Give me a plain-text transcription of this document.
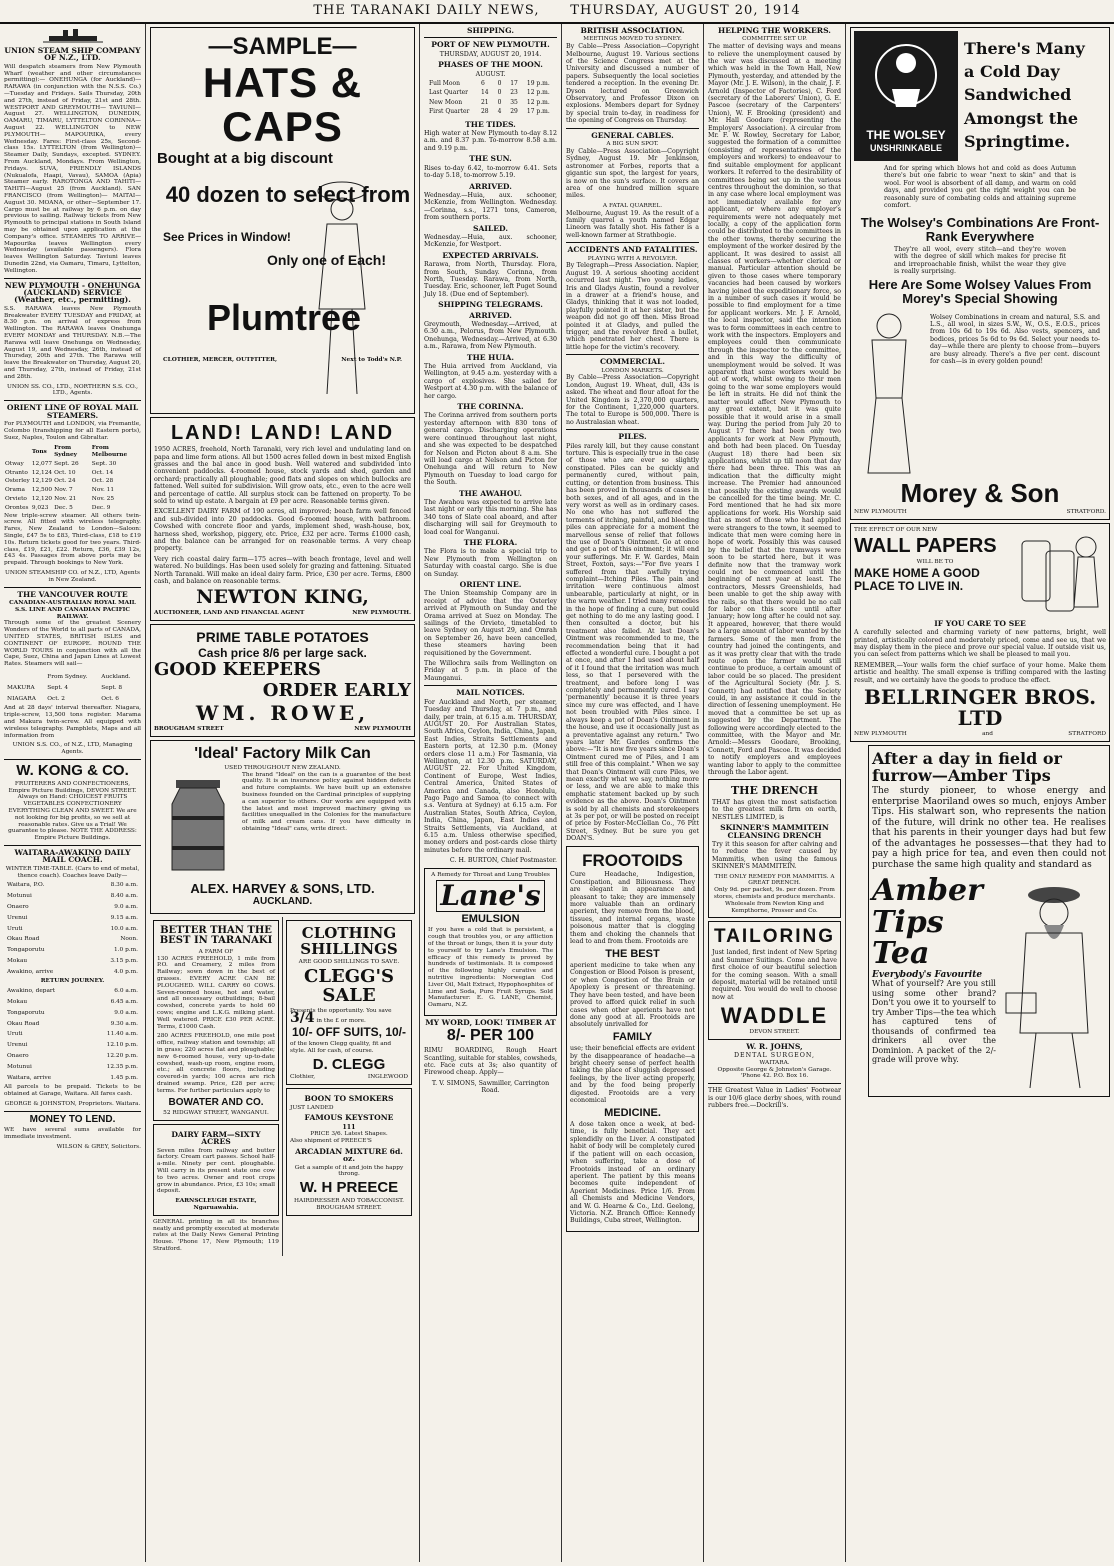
THE TARANAKI DAILY NEWS, THURSDAY, AUGUST 20, 1914
UNION STEAM SHIP COMPANY OF N.Z., LTD.
Will despatch steamers from New Plymouth Wharf (weather and other circumstances permitting):— ONEHUNGA (for Auckland)— RARAWA (in conjunction with the N.S.S. Co.)—Tuesday and Fridays. Sails Thursday, 20th and 27th, instead of Friday, 21st and 28th. WESTPORT AND GREYMOUTH— TAVIUNI—August 27. WELLINGTON, DUNEDIN, OAMARU, TIMARU, LYTTELTON CORINNA—August 22. WELLINGTON to NEW PLYMOUTH— MAPOURIKA, every Wednesday. Fares: First-class 25s, Second-class 15s. LYTTELTON (from Wellington)— Steamer Daily, Sundays, excepted. SYDNEY. From Auckland, Mondays. From Wellington, Fridays. SUVA, FRIENDLY ISLANDS (Nukualofa, Haapi, Vavau), SAMOA (Apia) Steamer early. RAROTONGA AND TAHITI— TAHITI—August 25 (from Auckland). SAN FRANCISCO (from Wellington)— MAITAI—August 30. MOANA, or other—September 17. Cargo must be at railway by 6 p.m. on day previous to sailing. Railway tickets from New Plymouth to principal stations in South Island may be obtained upon application at the Company's office. STEAMERS TO ARRIVE— Mapourika leaves Wellington every Wednesday (available passengers). Flora leaves Wellington Saturday. Taviuni leaves Dunedin 22nd, via Oamaru, Timaru, Lyttelton, Wellington.
NEW PLYMOUTH - ONEHUNGA (AUCKLAND) SERVICE (Weather, etc., permitting).
S.S. RARAWA leaves New Plymouth Breakwater EVERY TUESDAY and FRIDAY, at 8.30 p.m. on arrival of express from Wellington. The RARAWA leaves Onehunga EVERY MONDAY and THURSDAY. N.B.—The Rarawa will leave Onehunga on Wednesday, August 19, and Wednesday, 26th, instead of Thursday, 20th and 27th. The Rarawa will leave the Breakwater on Thursday, August 20, and Thursday, 27th, instead of Friday, 21st and 28th.
UNION SS. CO., LTD., NORTHERN S.S. CO., LTD., Agents.
ORIENT LINE OF ROYAL MAIL STEAMERS.
For PLYMOUTH and LONDON, via Fremantle, Colombo (transhipping for all Eastern ports), Suez, Naples, Toulon and Gibraltar.
	Tons	From Sydney	From Melbourne
Otway	12,077	Sept. 26	Sept. 30
Otranto	12,124	Oct. 10	Oct. 14
Osterley	12,129	Oct. 24	Oct. 28
Orama	12,500	Nov. 7	Nov. 11
Orvieto	12,120	Nov. 21	Nov. 25
Orontes	9,023	Dec. 5	Dec. 9
New triple-screw steamer. All others twin-screw. All fitted with wireless telegraphy. Fares, New Zealand to London—Saloon: Single, £47 5s to £83, Third-class, £18 to £19 10s. Return tickets good for two years. Third-class, £19, £21, £22. Return, £36, £39 12s, £43 4s. Passages from above ports may be prepaid. Through bookings to New York.
UNION STEAMSHIP CO. of N.Z., LTD, Agents in New Zealand.
THE VANCOUVER ROUTE
CANADIAN-AUSTRALIAN ROYAL MAIL S.S. LINE AND CANADIAN PACIFIC RAILWAY.
Through some of the greatest Scenery Wonders of the World to all parts of CANADA, UNITED STATES, BRITISH ISLES and CONTINENT OF EUROPE. ROUND THE WORLD TOURS in conjunction with all the Cape, Suez, China and Japan Lines at Lowest Rates. Steamers will sail—
	From Sydney.	Auckland.
MAKURA	Sept. 4	Sept. 8
NIAGARA	Oct. 2	Oct. 6
And at 28 days' interval thereafter. Niagara, triple-screw, 13,500 tons register. Marama and Makura twin-screw. All equipped with wireless telegraphy. Pamphlets, Maps and all information from
UNION S.S. CO., of N.Z., LTD, Managing Agents.
W. KONG & CO.
FRUITERERS AND CONFECTIONERS, Empire Picture Buildings, DEVON STREET. Always on Hand: CHOICEST FRUITS VEGETABLES CONFECTIONERY EVERYTHING CLEAN AND SWEET. We are not looking for big profits, so we sell at reasonable rates. Give us a Trial! We guarantee to please. NOTE THE ADDRESS: Empire Picture Buildings.
WAITARA-AWAKINO DAILY MAIL COACH.
WINTER TIME-TABLE. (Cars to end of metal, thence coach). Coaches leave Daily—
Waitara, P.O.	8.30 a.m.
Motunui	8.40 a.m.
Onaero	9.0 a.m.
Urenui	9.15 a.m.
Uruti	10.0 a.m.
Okau Road	Noon.
Tongaporutu	1.0 p.m.
Mokau	3.15 p.m.
Awakino, arrive	4.0 p.m.
RETURN JOURNEY.
Awakino, depart	6.0 a.m.
Mokau	6.45 a.m.
Tongaporutu	9.0 a.m.
Okau Road	9.30 a.m.
Uruti	11.40 a.m.
Urenui	12.10 p.m.
Onaero	12.20 p.m.
Motunui	12.35 p.m.
Waitara, arrive	1.45 p.m.
All parcels to be prepaid. Tickets to be obtained at Garage, Waitara. All fares cash.
GEORGE & JOHNSTON, Proprietors. Waitara.
MONEY TO LEND.
WE have several sums available for immediate investment.
WILSON & GREY, Solicitors.
—SAMPLE—
HATS & CAPS
Bought at a big discount
40 dozen to select from
See Prices in Window!
Only one of Each!
Plumtree
CLOTHIER, MERCER, OUTFITTER,	Next to Todd's N.P.
LAND! LAND! LAND
1950 ACRES, freehold, North Taranaki, very rich level and undulating land on papa and lime form ations. All but 1500 acres felled down in best mixed English grasses and the bal ance in good bush. Well watered and subdivided into convenient paddocks. 4-roomed house, stock yards and shed, garden and orchard; practically all ploughable; good flats and slopes on which bullocks are fattened. Well suited for subdivision. Will grow oats, etc., even to the acre well and percentage of cattle. All surplus stock can be fattened on property. To be sold to wind up estate. A bargain at £9 per acre. Reasonable terms given.
EXCELLENT DAIRY FARM of 190 acres, all improved; beach farm well fenced and sub-divided into 20 paddocks. Good 6-roomed house, with bathroom. Cowshed with concrete floor and yards, implement shed, wash-house, box, harness shed, workshop, piggery, etc. Price, £32 per acre. Terms £1000 cash, and the balance can be arranged for on reasonable terms. A very cheap property.
Very rich coastal dairy farm—175 acres—with beach frontage, level and well watered. No buildings. Has been used solely for grazing and fattening. Situated North Taranaki. Will make an ideal dairy farm. Price, £30 per acre. Terms, £800 cash, and balance on reasonable terms.
NEWTON KING,
AUCTIONEER, LAND AND FINANCIAL AGENT	NEW PLYMOUTH.
PRIME TABLE POTATOES
Cash price 8/6 per large sack.
GOOD KEEPERS
ORDER EARLY
WM. ROWE,
BROUGHAM STREET	NEW PLYMOUTH
'Ideal' Factory Milk Can
USED THROUGHOUT NEW ZEALAND.
The brand "Ideal" on the can is a guarantee of the best quality. It is an insurance policy against hidden defects and future complaints. We have built up an extensive business founded on the Cardinal principles of supplying a can superior to others. Our works are equipped with the latest and most improved machinery giving us facilities unequalled in the Colonies for the manufacture of milk and cream cans. If you have difficulty in obtaining "Ideal" cans, write direct.
ALEX. HARVEY & SONS, LTD.
AUCKLAND.
BETTER THAN THE BEST IN TARANAKI
A FARM OF
130 ACRES FREEHOLD, 1 mile from P.O. and Creamery, 2 miles from Railway; sown down in the best of grasses. EVERY ACRE CAN BE PLOUGHED. WILL CARRY 60 COWS. Seven-roomed house, hot and water, and all necessary outbuildings; 8-bail cowshed, concrete yards to hold 60 cows; engine and L.K.G. milking plant. Well watered. PRICE £30 PER ACRE. Terms, £1000 Cash.
280 ACRES FREEHOLD, one mile post office, railway station and township; all in grass; 220 acres flat and ploughable; new 6-roomed house, very up-to-date cowshed, wash-up room, engine room, etc.; all concrete floors, including covered-in yards; 100 acres are rich drained swamp. Price, £28 per acre; terms. For further particulars apply to
BOWATER AND CO.
52 RIDGWAY STREET, WANGANUI.
DAIRY FARM—SIXTY ACRES
Seven miles from railway and butter factory. Cream cart passes. School half-a-mile. Ninety per cent. ploughable. Will carry in its present state one cow to two acres. Owner and root crops grow in abundance. Price, £3 10s; small deposit.
EARNSCLEUGH ESTATE, Ngaruawahia.
GENERAL printing in all its branches neatly and promptly executed at moderate rates at the Daily News General Printing House. 'Phone 17, New Plymouth; 119 Stratford.
CLOTHING SHILLINGS
ARE GOOD SHILLINGS TO SAVE.
CLEGG'S SALE
Presents the opportunity. You save
3/4 in the £ or more.
10/- OFF SUITS, 10/-
of the known Clegg quality, fit and style. All for cash, of course.
D. CLEGG
Clothier,	INGLEWOOD
BOON TO SMOKERS
JUST LANDED
FAMOUS KEYSTONE
111
PRICE 3/6. Latest Shapes.
Also shipment of PREECE'S
ARCADIAN MIXTURE 6d. oz.
Get a sample of it and join the happy throng.
W. H PREECE
HAIRDRESSER AND TOBACCONIST.
BROUGHAM STREET.
SHIPPING.
PORT OF NEW PLYMOUTH.
THURSDAY, AUGUST 20, 1914.
PHASES OF THE MOON.
AUGUST.
Full Moon	6	0	17	19 p.m.
Last Quarter	14	0	23	12 p.m.
New Moon	21	0	35	12 p.m.
First Quarter	28	4	29	17 p.m.
THE TIDES.
High water at New Plymouth to-day 8.12 a.m. and 8.37 p.m. To-morrow 8.58 a.m. and 9.19 p.m.
THE SUN.
Rises to-day 6.42, to-morrow 6.41. Sets to-day 5.18, to-morrow 5.19.
ARRIVED.
Wednesday.—Huia, aux. schooner, McKenzie, from Wellington. Wednesday.—Corinna, s.s., 1271 tons, Cameron, from southern ports.
SAILED.
Wednesday.—Huia, aux. schooner, McKenzie, for Westport.
EXPECTED ARRIVALS.
Rarawa, from North, Thursday. Flora, from South, Sunday. Corinna, from North, Tuesday. Rarawa, from North, Tuesday. Eric, schooner, left Puget Sound July 18. (Due end of September).
SHIPPING TELEGRAMS.
ARRIVED.
Greymouth, Wednesday.—Arrived, at 6.30 a.m., Pelorus, from New Plymouth. Onehunga, Wednesday.—Arrived, at 6.30 a.m., Rarawa, from New Plymouth.
THE HUIA.
The Huia arrived from Auckland, via Wellington, at 9.45 a.m. yesterday with a cargo of explosives. She sailed for Westport at 4.30 p.m. with the balance of her cargo.
THE CORINNA.
The Corinna arrived from southern ports yesterday afternoon with 830 tons of general cargo. Discharging operations were continued throughout last night, and she was expected to be despatched for Nelson and Picton about 8 a.m. She will load cargo at Nelson and Picton for Onehunga and will return to New Plymouth on Tuesday to load cargo for the South.
THE AWAHOU.
The Awahou was expected to arrive late last night or early this morning. She has 340 tons of Slate coal aboard, and after discharging will sail for Greymouth to load coal for Wanganui.
THE FLORA.
The Flora is to make a special trip to New Plymouth from Wellington on Saturday with coastal cargo. She is due on Sunday.
ORIENT LINE.
The Union Steamship Company are in receipt of advice that the Osterley arrived at Plymouth on Sunday and the Orama arrived at Suez on Monday. The sailings of the Orvieto, timetabled to leave Sydney on August 29, and Omrah on September 26, have been cancelled, these steamers having been requisitioned by the Government.
The Willochra sails from Wellington on Friday at 5 p.m. in place of the Maunganui.
MAIL NOTICES.
For Auckland and North, per steamer, Tuesday and Thursday, at 7 p.m., and daily, per train, at 6.15 a.m. THURSDAY, AUGUST 20. For Australian States, South Africa, Ceylon, India, China, Japan, East Indies, Straits Settlements and Eastern ports, at 12.30 p.m. (Money orders close 11 a.m.) For Tasmania, via Wellington, at 12.30 p.m. SATURDAY, AUGUST 22. For United Kingdom, Continent of Europe, West Indies, Central America, United States of America and Canada, also Honolulu, Pago Pago and Samoa (to connect with s.s. Ventura at Sydney) at 6.15 a.m. For Australian States, South Africa, Ceylon, India, China, Japan, East Indies and Straits Settlements, via Auckland, at 6.15 a.m. Unless otherwise specified, money orders and post-cards close thirty minutes before the ordinary mail.
C. H. BURTON, Chief Postmaster.
A Remedy for Throat and Lung Troubles
Lane's
EMULSION
If you have a cold that is persistent, a cough that troubles you, or any affliction of the throat or lungs, then it is your duty to yourself to try Lane's Emulsion. The efficacy of this remedy is proved by hundreds of testimonials. It is composed of the following highly curative and nutritive ingredients: Norwegian Cod Liver Oil, Malt Extract, Hypophosphites of Lime and Soda, Pure Fruit Syrups. Sold Manufacturer: E. G. LANE, Chemist, Oamaru, N.Z.
MY WORD, LOOK! TIMBER AT
8/- PER 100
RIMU BOARDING, Rough Heart Scantling, suitable for stables, cowsheds, etc. Face cuts at 3s; also quantity of Firewood cheap. Apply—
T. V. SIMONS, Sawmiller, Carrington Road.
BRITISH ASSOCIATION.
MEETINGS MOVED TO SYDNEY.
By Cable—Press Association—Copyright Melbourne, August 19. Various sections of the Science Congress met at the University and discussed a number of papers. Subsequently the local societies tendered a reception. In the evening Dr. Dyson lectured on Greenwich Observatory, and Professor Dixon on explosions. Members depart for Sydney by special train to-day, in readiness for the opening of Congress on Thursday.
GENERAL CABLES.
A BIG SUN SPOT.
By Cable—Press Association—Copyright Sydney, August 19. Mr Jenkinson, astronomer at Forbes, reports that a gigantic sun spot, the largest for years, is now on the sun's surface. It covers an area of one hundred million square miles.
A FATAL QUARREL.
Melbourne, August 19. As the result of a family quarrel a youth named Edgar Lineorn was fatally shot. His father is a well-known farmer at Strathbogie.
ACCIDENTS AND FATALITIES.
PLAYING WITH A REVOLVER.
By Telegraph—Press Association. Napier, August 19. A serious shooting accident occurred last night. Two young ladies, Iris and Gladys Austin, found a revolver in a drawer at a friend's house, and Gladys, thinking that it was not loaded, playfully pointed it at her sister, but the weapon did not go off then. Miss Broad pointed it at Gladys, and pulled the trigger, and the revolver fired a bullet, which penetrated her chest. There is little hope for the victim's recovery.
COMMERCIAL.
LONDON MARKETS.
By Cable—Press Association—Copyright London, August 19. Wheat, dull, 43s is asked. The wheat and flour afloat for the United Kingdom is 2,370,000 quarters, for the Continent, 1,220,000 quarters. The total to Europe is 500,000. There is no Australasian wheat.
PILES.
Piles rarely kill, but they cause constant torture. This is especially true in the case of those who are ever so slightly constipated. Piles can be quickly and permanently cured, without pain, cutting, or detention from business. This has been proved in thousands of cases in both sexes, and of all ages, and in the very worst as well as in ordinary cases. No one who has not suffered the torments of itching, painful, and bleeding piles can appreciate for a moment the marvellous sense of relief that follows the use of Doan's Ointment. Go at once and get a pot of this ointment; it will end your sufferings. Mr. F. W. Gardes, Main Street, Foxton, says:—"For five years I suffered from that awfully trying complaint—Itching Piles. The pain and irritation were continuous almost unbearable, particularly at night, or in the warm weather. I tried many remedies in the hope of finding a cure, but could get nothing to do me any lasting good. I then consulted a doctor, but his treatment also failed. At last Doan's Ointment was recommended to me, the recommendation being that it had effected a wonderful cure. I bought a pot at once, and after I had used about half of it I found that the irritation was much less, so that I persevered with the treatment, and before long I was completely and permanently cured. I say 'permanently' because it is three years since my cure was effected, and I have not been troubled with Piles since. I always keep a pot of Doan's Ointment in the house, and use it occasionally just as a preventative against any return." Two years later Mr. Gardes confirms the above:—"It is now five years since Doan's Ointment cured me of Piles, and I am still free of this complaint." When we say that Doan's Ointment will cure Piles, we mean exactly what we say, nothing more or less, and we are able to make this emphatic statement backed up by such evidence as the above. Doan's Ointment is sold by all chemists and storekeepers at 3s per pot, or will be posted on receipt of price by Foster-McClellan Co., 76 Pitt Street, Sydney. But be sure you get DOAN'S.
FROOTOIDS
Cure Headache, Indigestion, Constipation, and Biliousness. They are elegant in appearance and pleasant to take; they are immensely more valuable than an ordinary aperient, they remove from the blood, tissues, and internal organs, waste poisonous matter that is clogging them and choking the channels that lead to and from them. Frootoids are
THE BEST
aperient medicine to take when any Congestion or Blood Poison is present, or when Congestion of the Brain or Apoplexy is present or threatening. They have been tested, and have been proved to afford quick relief in such cases when other aperients have not done any good at all. Frootoids are absolutely unrivalled for
FAMILY
use; their beneficial effects are evident by the disappearance of headache—a bright cheery sense of perfect health taking the place of sluggish depressed feelings, by the liver acting properly, and by the food being properly digested. Frootoids are a very economical
MEDICINE.
A dose taken once a week, at bed-time, is fully beneficial. They act splendidly on the Liver. A constipated habit of body will be completely cured if the patient will on each occasion, when suffering, take a dose of Frootoids instead of an ordinary aperient. The patient by this means becomes quite independent of Aperient Medicines. Price 1/6. From all Chemists and Medicine Vendors, and W. G. Hearne & Co., Ltd. Geelong, Victoria. N.Z. Branch Office: Kennedy Buildings, Cuba street, Wellington.
HELPING THE WORKERS.
COMMITTEE SET UP.
The matter of devising ways and means to relieve the unemployment caused by the war was discussed at a meeting which was held in the Town Hall, New Plymouth, yesterday, and attended by the Mayor (Mr. J. E. Wilson), in the chair, J. F. Arnold (Inspector of Factories), C. Ford (secretary of the Laborers' Union), G. E. Pascoe (secretary of the Carpenters' Union), W. F. Brooking (president) and Mr. Hall Goodare (representing the Employers' Association). A circular from Mr. F. W. Rowley, Secretary for Labor, suggested the formation of a committee (consisting of representatives of the employers and workers) to endeavour to find suitable employment for applicant workers. It referred to the desirability of committees being set up in the various centres throughout the dominion, so that in any case where local employment was not immediately available for any applicant, or where any employer's requirements were not adequately met locally, a copy of the application form could be distributed to the committees in the other towns, thereby securing the employment of the worker desired by the applicant. It was desired to assist all classes of workers—whether clerical or manual. Particular attention should be given to those cases where temporary vacancies had been caused by workers having joined the expeditionary force, so in a number of such cases it would be possible to find employment for a time for applicant workers. Mr. J. F. Arnold, the local inspector, said the intention was to form committees in each centre to work with the inspectors. Employers and employees could then communicate through the inspector to the committee, and in this way the difficulty of unemployment would be solved. It was apparent that some workers would be out of work, whilst owing to their men going to the war some employers would be left in straits. He did not think the matter would affect New Plymouth to any great extent, but it was quite possible that it would arise in a small way. During the period from July 20 to August 17 there had been only two applicants for work at New Plymouth, and both had been placed. On Tuesday (August 18) there had been six applications, whilst up till noon that day there had been three. This was an indication that the difficulty might increase. The Premier had announced that possibly the existing awards would be cancelled for the time being. Mr. C. Ford mentioned that he had six more applications for work. His Worship said that as most of those who had applied were strangers to the town, it seemed to indicate that men were coming here in hope of work. Possibly this was caused by the belief that the tramways were soon to be started here, but it was definite now that the tramway work could not be commenced until the beginning of next year at least. The contractors, Messrs Greenshields, had been unable to get the ship away with the rails, so that there would be no call for labor on this score until after January; how long after he could not say. It appeared, however, that there would be a large amount of labor wanted by the farmers. Some of the men from the country had joined the contingents, and as it was pretty clear that with the trade route open the farmer would still continue to produce, a certain amount of labor could be so placed. The president of the Agricultural Society (Mr. J. S. Connett) had notified that the Society could, in any assistance it could in the direction of lessening unemployment. He moved that a committee be set up as suggested by the Department. The following were accordingly elected to the committee, with the Mayor and Mr. Arnold:—Messrs Goodare, Brooking, Connett, Ford and Pascoe. It was decided to notify employers and employees wanting labor to apply to the committee through the Labor agent.
THE DRENCH
THAT has given the most satisfaction to the greatest milk firm on earth, NESTLES LIMITED, is
SKINNER'S MAMMITEIN CLEANSING DRENCH
Try it this season for after calving and to reduce the fever caused by Mammitis, when using the famous SKINNER'S MAMMITEIN.
THE ONLY REMEDY FOR MAMMITIS. A GREAT DRENCH.
Only 9d. per packet, 9s. per dozen. From stores, chemists and produce merchants.
Wholesale from Newton King and Kempthorne, Prosser and Co.
TAILORING
Just landed, first indent of New Spring and Summer Suitings. Come and have first choice of our beautiful selection for the coming season. With a small deposit, material will be retained until required. You would do well to choose now at
WADDLE
DEVON STREET.
W. R. JOHNS,
DENTAL SURGEON,
WAITARA.
Opposite George & Johnston's Garage. 'Phone 42. P.O. Box 16.
THE Greatest Value in Ladies' Footwear is our 10/6 glace derby shoes, with round rubbers free.—Dockrill's.
THE WOLSEY
UNSHRINKABLE
There's Many a Cold Day Sandwiched Amongst the Springtime.
And for spring which blows hot and cold as does Autumn there's but one fabric to wear "next to skin" and that is wool. For wool is absorbent of all damp, and warm on cold days, and provided you get the right weight you can be reasonably sure of combating colds and attaining supreme comfort.
The Wolsey's Combinations Are Front-Rank Everywhere
They're all wool, every stitch—and they're woven with the degree of skill which makes for precise fit and irreproachable finish, whilst the wear they give is really surprising.
Here Are Some Wolsey Values From Morey's Special Showing
Wolsey Combinations in cream and natural, S.S. and L.S., all wool, in sizes S.W., W., O.S., E.O.S., prices from 10s 6d to 19s 6d. Also vests, spencers, and bodices, prices 5s 6d to 9s 6d. Select your needs to-day—while there are plenty to choose from—buyers are busy already. There's a five per cent. discount for cash—is in every golden pound!
Morey & Son
NEW PLYMOUTH	STRATFORD.
THE EFFECT OF OUR NEW
WALL PAPERS
WILL BE TO
MAKE HOME A GOOD PLACE TO LIVE IN.
IF YOU CARE TO SEE
A carefully selected and charming variety of new patterns, bright, well printed, artistically colored and moderately priced, come and see us, that we may display them in the piece and prove our special value. If outside visit us, you can select from patterns which we shall be pleased to mail you.
REMEMBER,—Your walls form the chief surface of your home. Make them artistic and healthy. The small expense is trifling compared with the lasting result, and we certainly have the goods to produce the effect.
BELLRINGER BROS. LTD
NEW PLYMOUTH	and	STRATFORD
After a day in field or furrow—Amber Tips
The sturdy pioneer, to whose energy and enterprise Maoriland owes so much, enjoys Amber Tips. His stalwart son, who represents the nation of the future, will drink no other tea. He realises that his parents in their younger days had but few of the advantages he possesses—that they had to pay a high price for tea, and even then could not purchase the same high quality and standard as
Amber Tips Tea
Everybody's Favourite
What of yourself? Are you still using some other brand? Don't you owe it to yourself to try Amber Tips—the tea which has captured tens of thousands of confirmed tea drinkers all over the Dominion. A packet of the 2/- grade will prove why.
